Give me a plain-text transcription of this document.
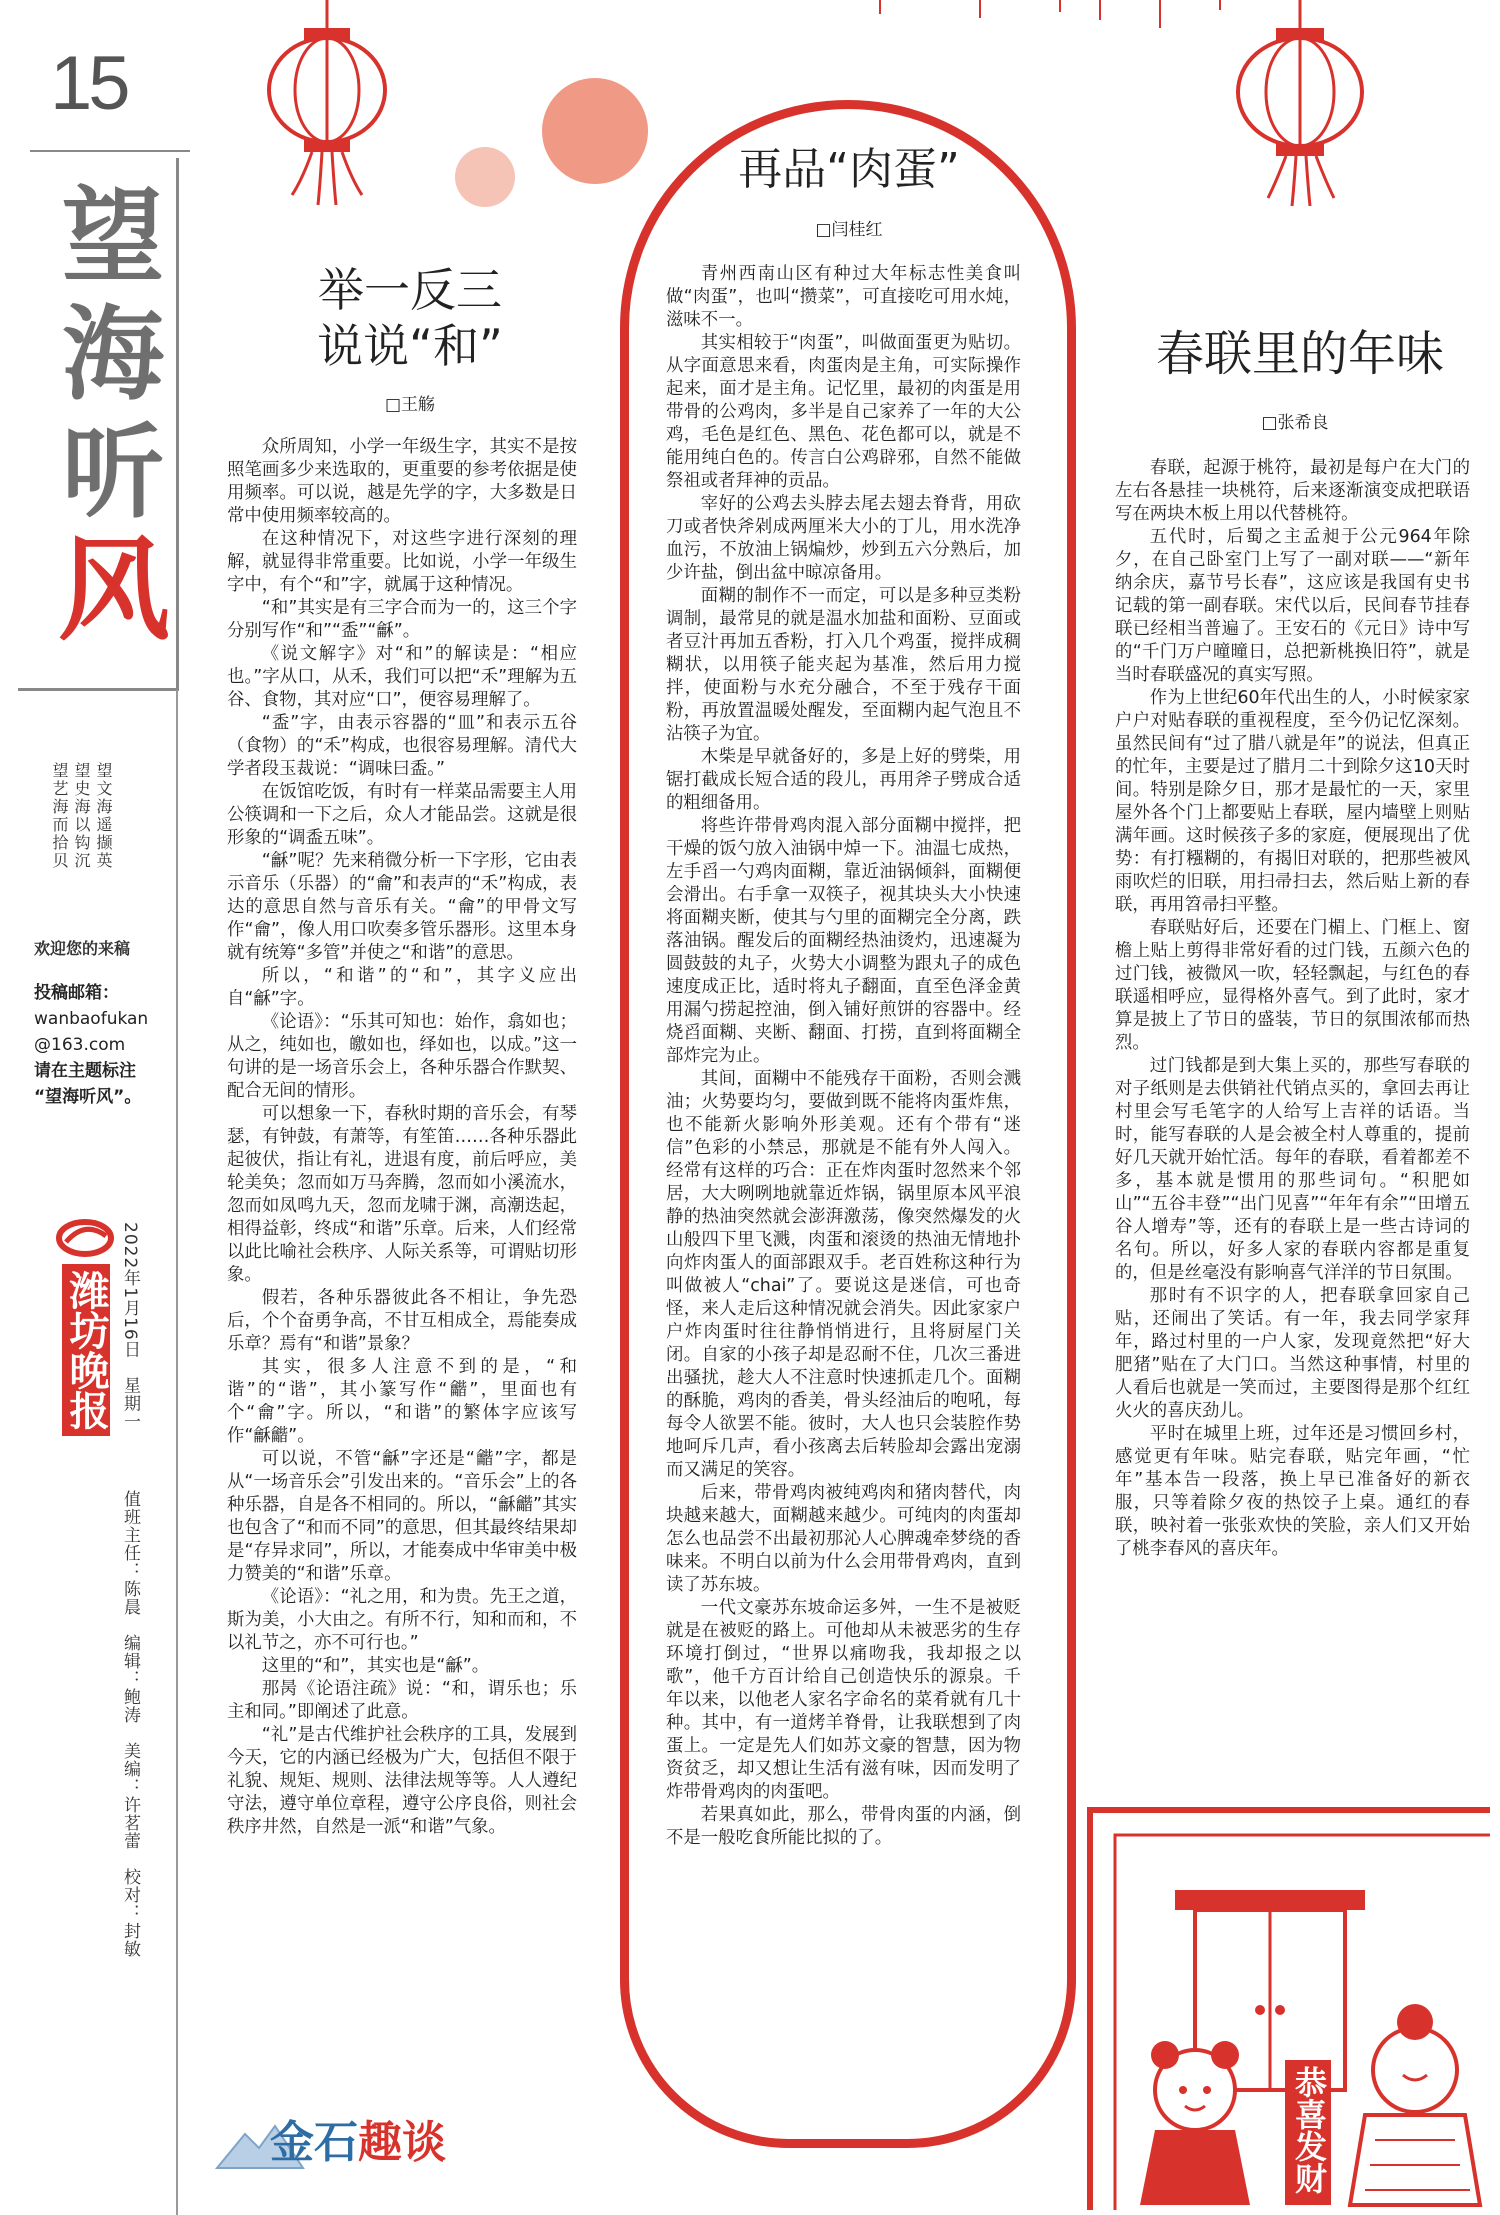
15
望
海
听
风
望文海遥撷英
望史海以钩沉
望艺海而拾贝
欢迎您的来稿
投稿邮箱：
wanbaofukan
@163.com
请在主题标注
“望海听风”。
潍坊晚报 2022年1月16日　星期一
值班主任：陈晨　编辑：鲍涛　美编：许茗蕾　校对：封敏
举一反三
说说“和”
□王觞

众所周知，小学一年级生字，其实不是按照笔画多少来选取的，更重要的参考依据是使用频率。可以说，越是先学的字，大多数是日常中使用频率较高的。

在这种情况下，对这些字进行深刻的理解，就显得非常重要。比如说，小学一年级生字中，有个“和”字，就属于这种情况。

“和”其实是有三字合而为一的，这三个字分别写作“和”“盉”“龢”。

《说文解字》对“和”的解读是：“相应也。”字从口，从禾，我们可以把“禾”理解为五谷、食物，其对应“口”，便容易理解了。

“盉”字，由表示容器的“皿”和表示五谷（食物）的“禾”构成，也很容易理解。清代大学者段玉裁说：“调味曰盉。”

在饭馆吃饭，有时有一样菜品需要主人用公筷调和一下之后，众人才能品尝。这就是很形象的“调盉五味”。

“龢”呢？先来稍微分析一下字形，它由表示音乐（乐器）的“龠”和表声的“禾”构成，表达的意思自然与音乐有关。“龠”的甲骨文写作“龠”，像人用口吹奏多管乐器形。这里本身就有统筹“多管”并使之“和谐”的意思。

所以，“和谐”的“和”，其字义应出自“龢”字。

《论语》：“乐其可知也：始作，翕如也；从之，纯如也，皦如也，绎如也，以成。”这一句讲的是一场音乐会上，各种乐器合作默契、配合无间的情形。

可以想象一下，春秋时期的音乐会，有琴瑟，有钟鼓，有萧等，有笙笛……各种乐器此起彼伏，指让有礼，进退有度，前后呼应，美轮美奂；忽而如万马奔腾，忽而如小溪流水，忽而如凤鸣九天，忽而龙啸于渊，高潮迭起，相得益彰，终成“和谐”乐章。后来，人们经常以此比喻社会秩序、人际关系等，可谓贴切形象。

假若，各种乐器彼此各不相让，争先恐后，个个奋勇争高，不甘互相成全，焉能奏成乐章？焉有“和谐”景象？

其实，很多人注意不到的是，“和谐”的“谐”，其小篆写作“龤”，里面也有个“龠”字。所以，“和谐”的繁体字应该写作“龢龤”。

可以说，不管“龢”字还是“龤”字，都是从“一场音乐会”引发出来的。“音乐会”上的各种乐器，自是各不相同的。所以，“龢龤”其实也包含了“和而不同”的意思，但其最终结果却是“存异求同”，所以，才能奏成中华审美中极力赞美的“和谐”乐章。

《论语》：“礼之用，和为贵。先王之道，斯为美，小大由之。有所不行，知和而和，不以礼节之，亦不可行也。”

这里的“和”，其实也是“龢”。

那昺《论语注疏》说：“和，谓乐也；乐主和同。”即阐述了此意。

“礼”是古代维护社会秩序的工具，发展到今天，它的内涵已经极为广大，包括但不限于礼貌、规矩、规则、法律法规等等。人人遵纪守法，遵守单位章程，遵守公序良俗，则社会秩序井然，自然是一派“和谐”气象。

再品“肉蛋”
□闫桂红

青州西南山区有种过大年标志性美食叫做“肉蛋”，也叫“攒菜”，可直接吃可用水炖，滋味不一。

其实相较于“肉蛋”，叫做面蛋更为贴切。从字面意思来看，肉蛋肉是主角，可实际操作起来，面才是主角。记忆里，最初的肉蛋是用带骨的公鸡肉，多半是自己家养了一年的大公鸡，毛色是红色、黑色、花色都可以，就是不能用纯白色的。传言白公鸡辟邪，自然不能做祭祖或者拜神的贡品。

宰好的公鸡去头脖去尾去翅去脊背，用砍刀或者快斧剁成两厘米大小的丁儿，用水洗净血污，不放油上锅煸炒，炒到五六分熟后，加少许盐，倒出盆中晾凉备用。

面糊的制作不一而定，可以是多种豆类粉调制，最常見的就是温水加盐和面粉、豆面或者豆汁再加五香粉，打入几个鸡蛋，搅拌成稠糊状，以用筷子能夹起为基准，然后用力搅拌，使面粉与水充分融合，不至于残存干面粉，再放置温暖处醒发，至面糊内起气泡且不沾筷子为宜。

木柴是早就备好的，多是上好的劈柴，用锯打截成长短合适的段儿，再用斧子劈成合适的粗细备用。

将些许带骨鸡肉混入部分面糊中搅拌，把干燥的饭勺放入油锅中焯一下。油温七成热，左手舀一勺鸡肉面糊，靠近油锅倾斜，面糊便会滑出。右手拿一双筷子，视其块头大小快速将面糊夹断，使其与勺里的面糊完全分离，跌落油锅。醒发后的面糊经热油烫灼，迅速凝为圆鼓鼓的丸子，火势大小调整为跟丸子的成色速度成正比，适时将丸子翻面，直至色泽金黄用漏勺捞起控油，倒入铺好煎饼的容器中。经烧舀面糊、夹断、翻面、打捞，直到将面糊全部炸完为止。

其间，面糊中不能残存干面粉，否则会溅油；火势要均匀，要做到既不能将肉蛋炸焦，也不能新火影响外形美观。还有个带有“迷信”色彩的小禁忌，那就是不能有外人闯入。经常有这样的巧合：正在炸肉蛋时忽然来个邻居，大大咧咧地就靠近炸锅，锅里原本风平浪静的热油突然就会澎湃激荡，像突然爆发的火山般四下里飞溅，肉蛋和滚烫的热油无情地扑向炸肉蛋人的面部跟双手。老百姓称这种行为叫做被人“chai”了。要说这是迷信，可也奇怪，来人走后这种情况就会消失。因此家家户户炸肉蛋时往往静悄悄进行，且将厨屋门关闭。自家的小孩子却是忍耐不住，几次三番进出骚扰，趁大人不注意时快速抓走几个。面糊的酥脆，鸡肉的香美，骨头经油后的咆吼，每每令人欲罢不能。彼时，大人也只会装腔作势地呵斥几声，看小孩离去后转脸却会露出宠溺而又满足的笑容。

后来，带骨鸡肉被纯鸡肉和猪肉替代，肉块越来越大，面糊越来越少。可纯肉的肉蛋却怎么也品尝不出最初那沁人心脾魂牵梦绕的香味来。不明白以前为什么会用带骨鸡肉，直到读了苏东坡。

一代文豪苏东坡命运多舛，一生不是被贬就是在被贬的路上。可他却从未被恶劣的生存环境打倒过，“世界以痛吻我，我却报之以歌”，他千方百计给自己创造快乐的源泉。千年以来，以他老人家名字命名的菜肴就有几十种。其中，有一道烤羊脊骨，让我联想到了肉蛋上。一定是先人们如苏文豪的智慧，因为物资贫乏，却又想让生活有滋有味，因而发明了炸带骨鸡肉的肉蛋吧。

若果真如此，那么，带骨肉蛋的内涵，倒不是一般吃食所能比拟的了。

春联里的年味
□张希良

春联，起源于桃符，最初是每户在大门的左右各悬挂一块桃符，后来逐渐演变成把联语写在两块木板上用以代替桃符。

五代时，后蜀之主孟昶于公元964年除夕，在自己卧室门上写了一副对联——“新年纳余庆，嘉节号长春”，这应该是我国有史书记载的第一副春联。宋代以后，民间春节挂春联已经相当普遍了。王安石的《元日》诗中写的“千门万户曈曈日，总把新桃换旧符”，就是当时春联盛况的真实写照。

作为上世纪60年代出生的人，小时候家家户户对贴春联的重视程度，至今仍记忆深刻。虽然民间有“过了腊八就是年”的说法，但真正的忙年，主要是过了腊月二十到除夕这10天时间。特别是除夕日，那才是最忙的一天，家里屋外各个门上都要贴上春联，屋内墙壁上则贴满年画。这时候孩子多的家庭，便展现出了优势：有打糨糊的，有揭旧对联的，把那些被风雨吹烂的旧联，用扫帚扫去，然后贴上新的春联，再用笤帚扫平整。

春联贴好后，还要在门楣上、门框上、窗檐上贴上剪得非常好看的过门钱，五颜六色的过门钱，被微风一吹，轻轻飘起，与红色的春联遥相呼应，显得格外喜气。到了此时，家才算是披上了节日的盛装，节日的氛围浓郁而热烈。

过门钱都是到大集上买的，那些写春联的对子纸则是去供销社代销点买的，拿回去再让村里会写毛笔字的人给写上吉祥的话语。当时，能写春联的人是会被全村人尊重的，提前好几天就开始忙活。每年的春联，看着都差不多，基本就是惯用的那些词句。“积肥如山”“五谷丰登”“出门见喜”“年年有余”“田增五谷人增寿”等，还有的春联上是一些古诗词的名句。所以，好多人家的春联内容都是重复的，但是丝毫没有影响喜气洋洋的节日氛围。

那时有不识字的人，把春联拿回家自己贴，还闹出了笑话。有一年，我去同学家拜年，路过村里的一户人家，发现竟然把“好大肥猪”贴在了大门口。当然这种事情，村里的人看后也就是一笑而过，主要图得是那个红红火火的喜庆劲儿。

平时在城里上班，过年还是习惯回乡村，感觉更有年味。贴完春联，贴完年画，“忙年”基本告一段落，换上早已准备好的新衣服，只等着除夕夜的热饺子上桌。通红的春联，映衬着一张张欢快的笑脸，亲人们又开始了桃李春风的喜庆年。

恭喜发财
金石趣谈
